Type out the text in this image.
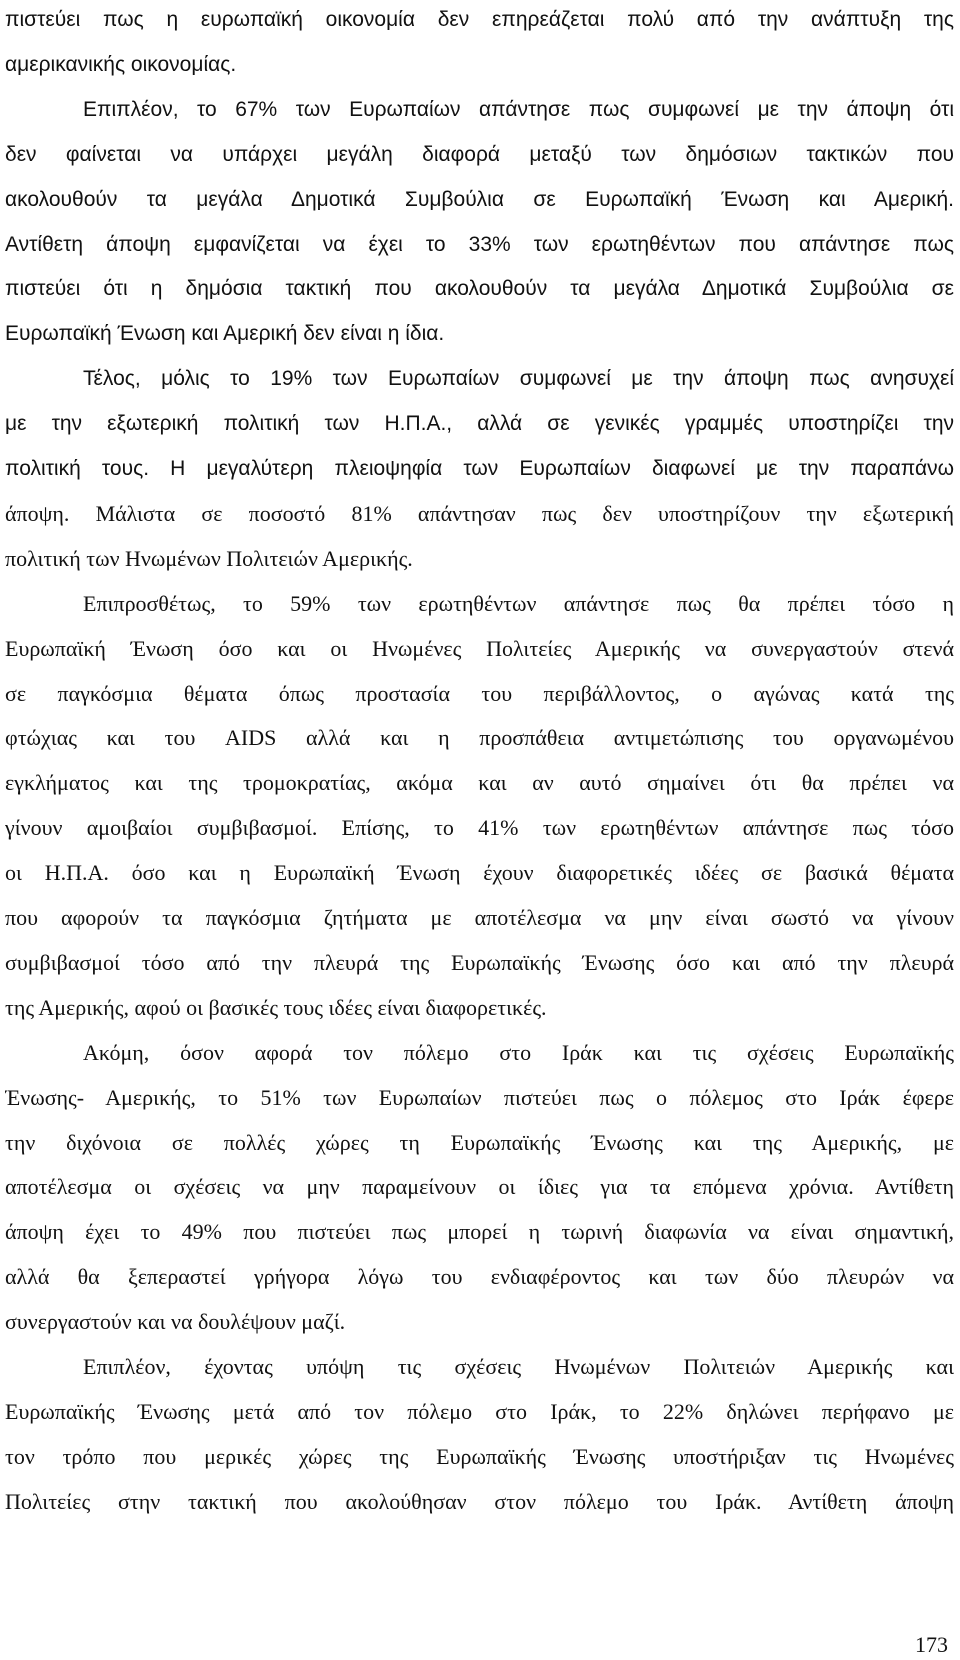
πιστεύει πως η ευρωπαϊκή οικονομία δεν επηρεάζεται πολύ από την ανάπτυξη της
αμερικανικής οικονομίας.
Επιπλέον, το 67% των Ευρωπαίων απάντησε πως συμφωνεί με την άποψη ότι
δεν φαίνεται να υπάρχει μεγάλη διαφορά μεταξύ των δημόσιων τακτικών που
ακολουθούν τα μεγάλα Δημοτικά Συμβούλια σε Ευρωπαϊκή Ένωση και Αμερική.
Αντίθετη άποψη εμφανίζεται να έχει το 33% των ερωτηθέντων που απάντησε πως
πιστεύει ότι η δημόσια τακτική που ακολουθούν τα μεγάλα Δημοτικά Συμβούλια σε
Ευρωπαϊκή Ένωση και Αμερική δεν είναι η ίδια.
Τέλος, μόλις το 19% των Ευρωπαίων συμφωνεί με την άποψη πως ανησυχεί
με την εξωτερική πολιτική των Η.Π.Α., αλλά σε γενικές γραμμές υποστηρίζει την
πολιτική τους. Η μεγαλύτερη πλειοψηφία των Ευρωπαίων διαφωνεί με την παραπάνω
άποψη. Μάλιστα σε ποσοστό 81% απάντησαν πως δεν υποστηρίζουν την εξωτερική
πολιτική των Ηνωμένων Πολιτειών Αμερικής.
Επιπροσθέτως, το 59% των ερωτηθέντων απάντησε πως θα πρέπει τόσο η
Ευρωπαϊκή Ένωση όσο και οι Ηνωμένες Πολιτείες Αμερικής να συνεργαστούν στενά
σε παγκόσμια θέματα όπως προστασία του περιβάλλοντος, ο αγώνας κατά της
φτώχιας και του AIDS αλλά και η προσπάθεια αντιμετώπισης του οργανωμένου
εγκλήματος και της τρομοκρατίας, ακόμα και αν αυτό σημαίνει ότι θα πρέπει να
γίνουν αμοιβαίοι συμβιβασμοί. Επίσης, το 41% των ερωτηθέντων απάντησε πως τόσο
οι Η.Π.Α. όσο και η Ευρωπαϊκή Ένωση έχουν διαφορετικές ιδέες σε βασικά θέματα
που αφορούν τα παγκόσμια ζητήματα με αποτέλεσμα να μην είναι σωστό να γίνουν
συμβιβασμοί τόσο από την πλευρά της Ευρωπαϊκής Ένωσης όσο και από την πλευρά
της Αμερικής, αφού οι βασικές τους ιδέες είναι διαφορετικές.
Ακόμη, όσον αφορά τον πόλεμο στο Ιράκ και τις σχέσεις Ευρωπαϊκής
Ένωσης- Αμερικής, το 51% των Ευρωπαίων πιστεύει πως ο πόλεμος στο Ιράκ έφερε
την διχόνοια σε πολλές χώρες τη Ευρωπαϊκής Ένωσης και της Αμερικής, με
αποτέλεσμα οι σχέσεις να μην παραμείνουν οι ίδιες για τα επόμενα χρόνια. Αντίθετη
άποψη έχει το 49% που πιστεύει πως μπορεί η τωρινή διαφωνία να είναι σημαντική,
αλλά θα ξεπεραστεί γρήγορα λόγω του ενδιαφέροντος και των δύο πλευρών να
συνεργαστούν και να δουλέψουν μαζί.
Επιπλέον, έχοντας υπόψη τις σχέσεις Ηνωμένων Πολιτειών Αμερικής και
Ευρωπαϊκής Ένωσης μετά από τον πόλεμο στο Ιράκ, το 22% δηλώνει περήφανο με
τον τρόπο που μερικές χώρες της Ευρωπαϊκής Ένωσης υποστήριξαν τις Ηνωμένες
Πολιτείες στην τακτική που ακολούθησαν στον πόλεμο του Ιράκ. Αντίθετη άποψη
173
